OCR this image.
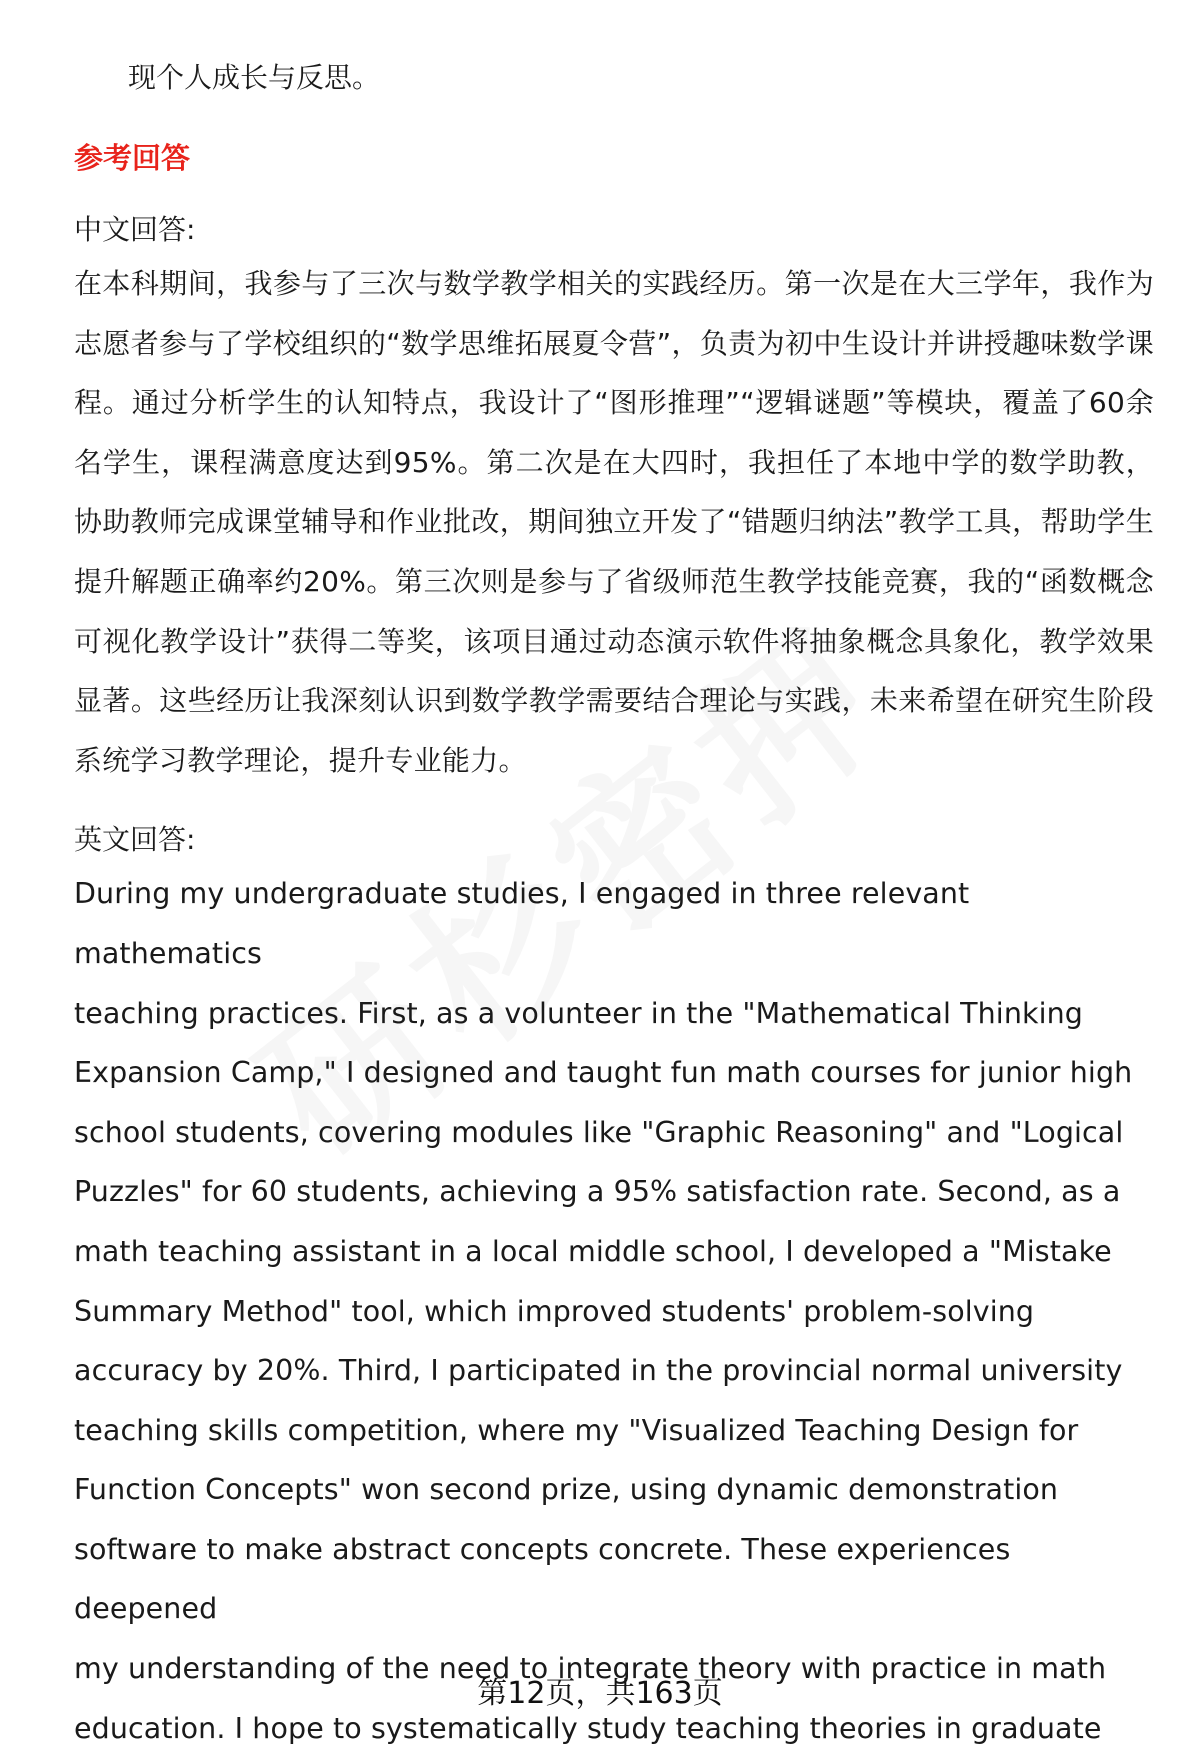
现个人成长与反思。
参考回答
中文回答:

在本科期间，我参与了三次与数学教学相关的实践经历。第一次是在大三学年，我作为志愿者参与了学校组织的“数学思维拓展夏令营”，负责为初中生设计并讲授趣味数学课程。通过分析学生的认知特点，我设计了“图形推理”“逻辑谜题”等模块，覆盖了60余名学生，课程满意度达到95%。第二次是在大四时，我担任了本地中学的数学助教，协助教师完成课堂辅导和作业批改，期间独立开发了“错题归纳法”教学工具，帮助学生提升解题正确率约20%。第三次则是参与了省级师范生教学技能竞赛，我的“函数概念可视化教学设计”获得二等奖，该项目通过动态演示软件将抽象概念具象化，教学效果显著。这些经历让我深刻认识到数学教学需要结合理论与实践，未来希望在研究生阶段系统学习教学理论，提升专业能力。

英文回答:
During my undergraduate studies, I engaged in three relevant mathematics
teaching practices. First, as a volunteer in the "Mathematical Thinking
Expansion Camp," I designed and taught fun math courses for junior high
school students, covering modules like "Graphic Reasoning" and "Logical
Puzzles" for 60 students, achieving a 95% satisfaction rate. Second, as a
math teaching assistant in a local middle school, I developed a "Mistake
Summary Method" tool, which improved students' problem-solving
accuracy by 20%. Third, I participated in the provincial normal university
teaching skills competition, where my "Visualized Teaching Design for
Function Concepts" won second prize, using dynamic demonstration
software to make abstract concepts concrete. These experiences deepened
my understanding of the need to integrate theory with practice in math
education. I hope to systematically study teaching theories in graduate
第12页，共163页
